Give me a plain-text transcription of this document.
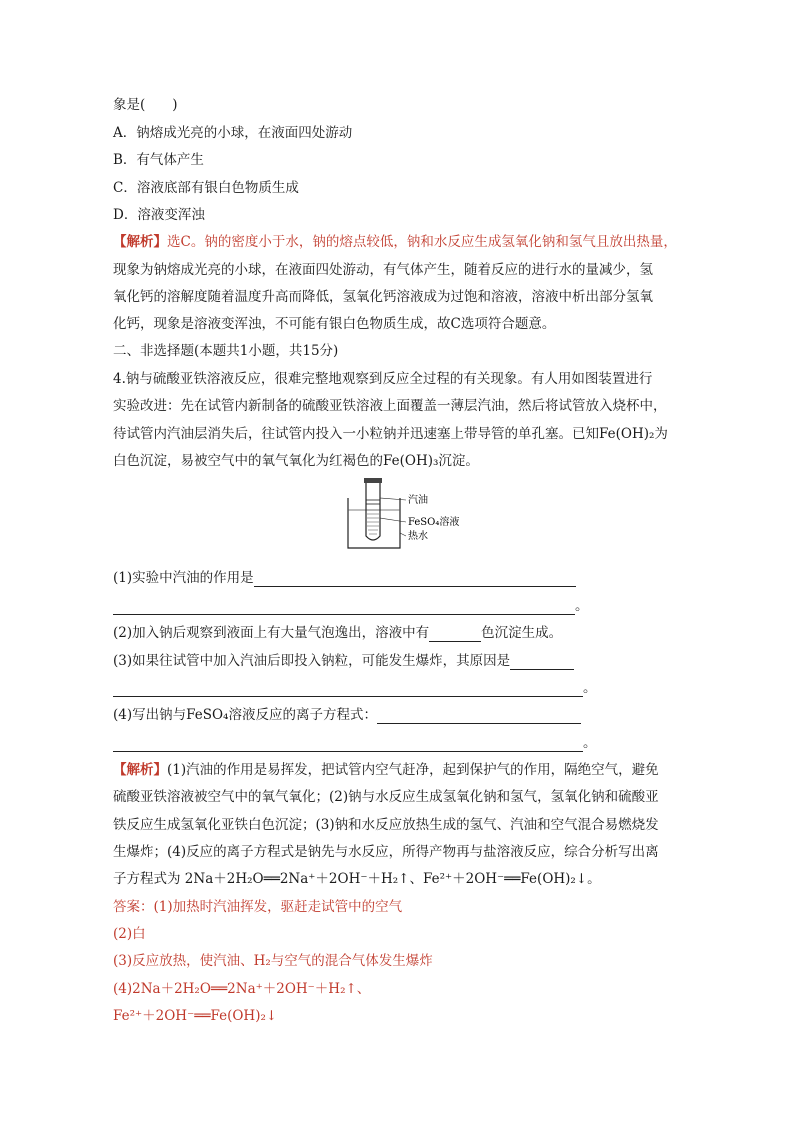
象是(　　)
A．钠熔成光亮的小球，在液面四处游动
B．有气体产生
C．溶液底部有银白色物质生成
D．溶液变浑浊
【解析】选C。钠的密度小于水，钠的熔点较低，钠和水反应生成氢氧化钠和氢气且放出热量，
现象为钠熔成光亮的小球，在液面四处游动，有气体产生，随着反应的进行水的量减少，氢
氧化钙的溶解度随着温度升高而降低，氢氧化钙溶液成为过饱和溶液，溶液中析出部分氢氧
化钙，现象是溶液变浑浊，不可能有银白色物质生成，故C选项符合题意。
二、非选择题(本题共1小题，共15分)
4.钠与硫酸亚铁溶液反应，很难完整地观察到反应全过程的有关现象。有人用如图装置进行
实验改进：先在试管内新制备的硫酸亚铁溶液上面覆盖一薄层汽油，然后将试管放入烧杯中，
待试管内汽油层消失后，往试管内投入一小粒钠并迅速塞上带导管的单孔塞。已知Fe(OH)₂为
白色沉淀，易被空气中的氧气氧化为红褐色的Fe(OH)₃沉淀。
汽油
FeSO₄溶液
热水
(1)实验中汽油的作用是
。
(2)加入钠后观察到液面上有大量气泡逸出，溶液中有	色沉淀生成。
(3)如果往试管中加入汽油后即投入钠粒，可能发生爆炸，其原因是
。
(4)写出钠与FeSO₄溶液反应的离子方程式：
。
【解析】(1)汽油的作用是易挥发，把试管内空气赶净，起到保护气的作用，隔绝空气，避免
硫酸亚铁溶液被空气中的氧气氧化；(2)钠与水反应生成氢氧化钠和氢气，氢氧化钠和硫酸亚
铁反应生成氢氧化亚铁白色沉淀；(3)钠和水反应放热生成的氢气、汽油和空气混合易燃烧发
生爆炸；(4)反应的离子方程式是钠先与水反应，所得产物再与盐溶液反应，综合分析写出离
子方程式为 2Na＋2H₂O══2Na⁺＋2OH⁻＋H₂↑、Fe²⁺＋2OH⁻══Fe(OH)₂↓。
答案：(1)加热时汽油挥发，驱赶走试管中的空气
(2)白
(3)反应放热，使汽油、H₂与空气的混合气体发生爆炸
(4)2Na＋2H₂O══2Na⁺＋2OH⁻＋H₂↑、
Fe²⁺＋2OH⁻══Fe(OH)₂↓
